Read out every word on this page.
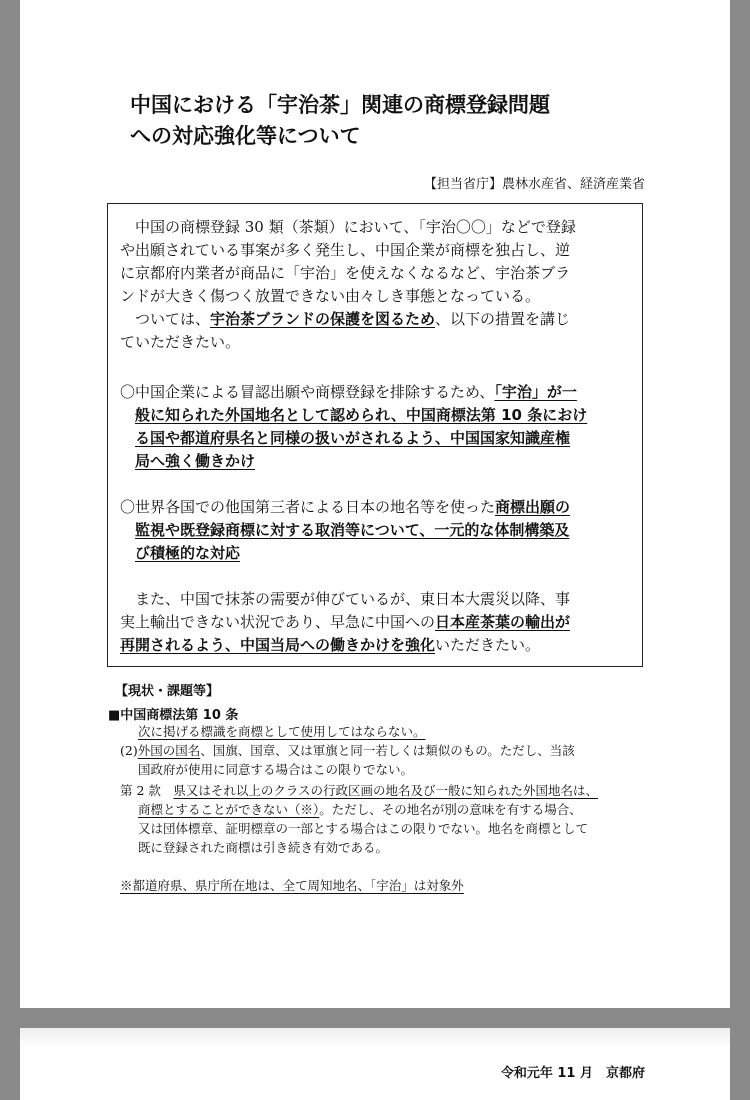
中国における「宇治茶」関連の商標登録問題
への対応強化等について
【担当省庁】農林水産省、経済産業省

中国の商標登録 30 類（茶類）において、「宇治〇〇」などで登録
や出願されている事案が多く発生し、中国企業が商標を独占し、逆
に京都府内業者が商品に「宇治」を使えなくなるなど、宇治茶ブラ
ンドが大きく傷つく放置できない由々しき事態となっている。
ついては、宇治茶ブランドの保護を図るため、以下の措置を講じ
ていただきたい。

〇中国企業による冒認出願や商標登録を排除するため、「宇治」が一
般に知られた外国地名として認められ、中国商標法第 10 条におけ
る国や都道府県名と同様の扱いがされるよう、中国国家知識産権
局へ強く働きかけ

〇世界各国での他国第三者による日本の地名等を使った商標出願の
監視や既登録商標に対する取消等について、一元的な体制構築及
び積極的な対応

また、中国で抹茶の需要が伸びているが、東日本大震災以降、事
実上輸出できない状況であり、早急に中国への日本産茶葉の輸出が
再開されるよう、中国当局への働きかけを強化いただきたい。

【現状・課題等】
■中国商標法第 10 条
次に掲げる標識を商標として使用してはならない。
(2)外国の国名、国旗、国章、又は軍旗と同一若しくは類似のもの。ただし、当該
国政府が使用に同意する場合はこの限りでない。
第 2 款　県又はそれ以上のクラスの行政区画の地名及び一般に知られた外国地名は、
商標とすることができない（※）。ただし、その地名が別の意味を有する場合、
又は団体標章、証明標章の一部とする場合はこの限りでない。地名を商標として
既に登録された商標は引き続き有効である。
※都道府県、県庁所在地は、全て周知地名、「宇治」は対象外
令和元年 11 月　京都府
